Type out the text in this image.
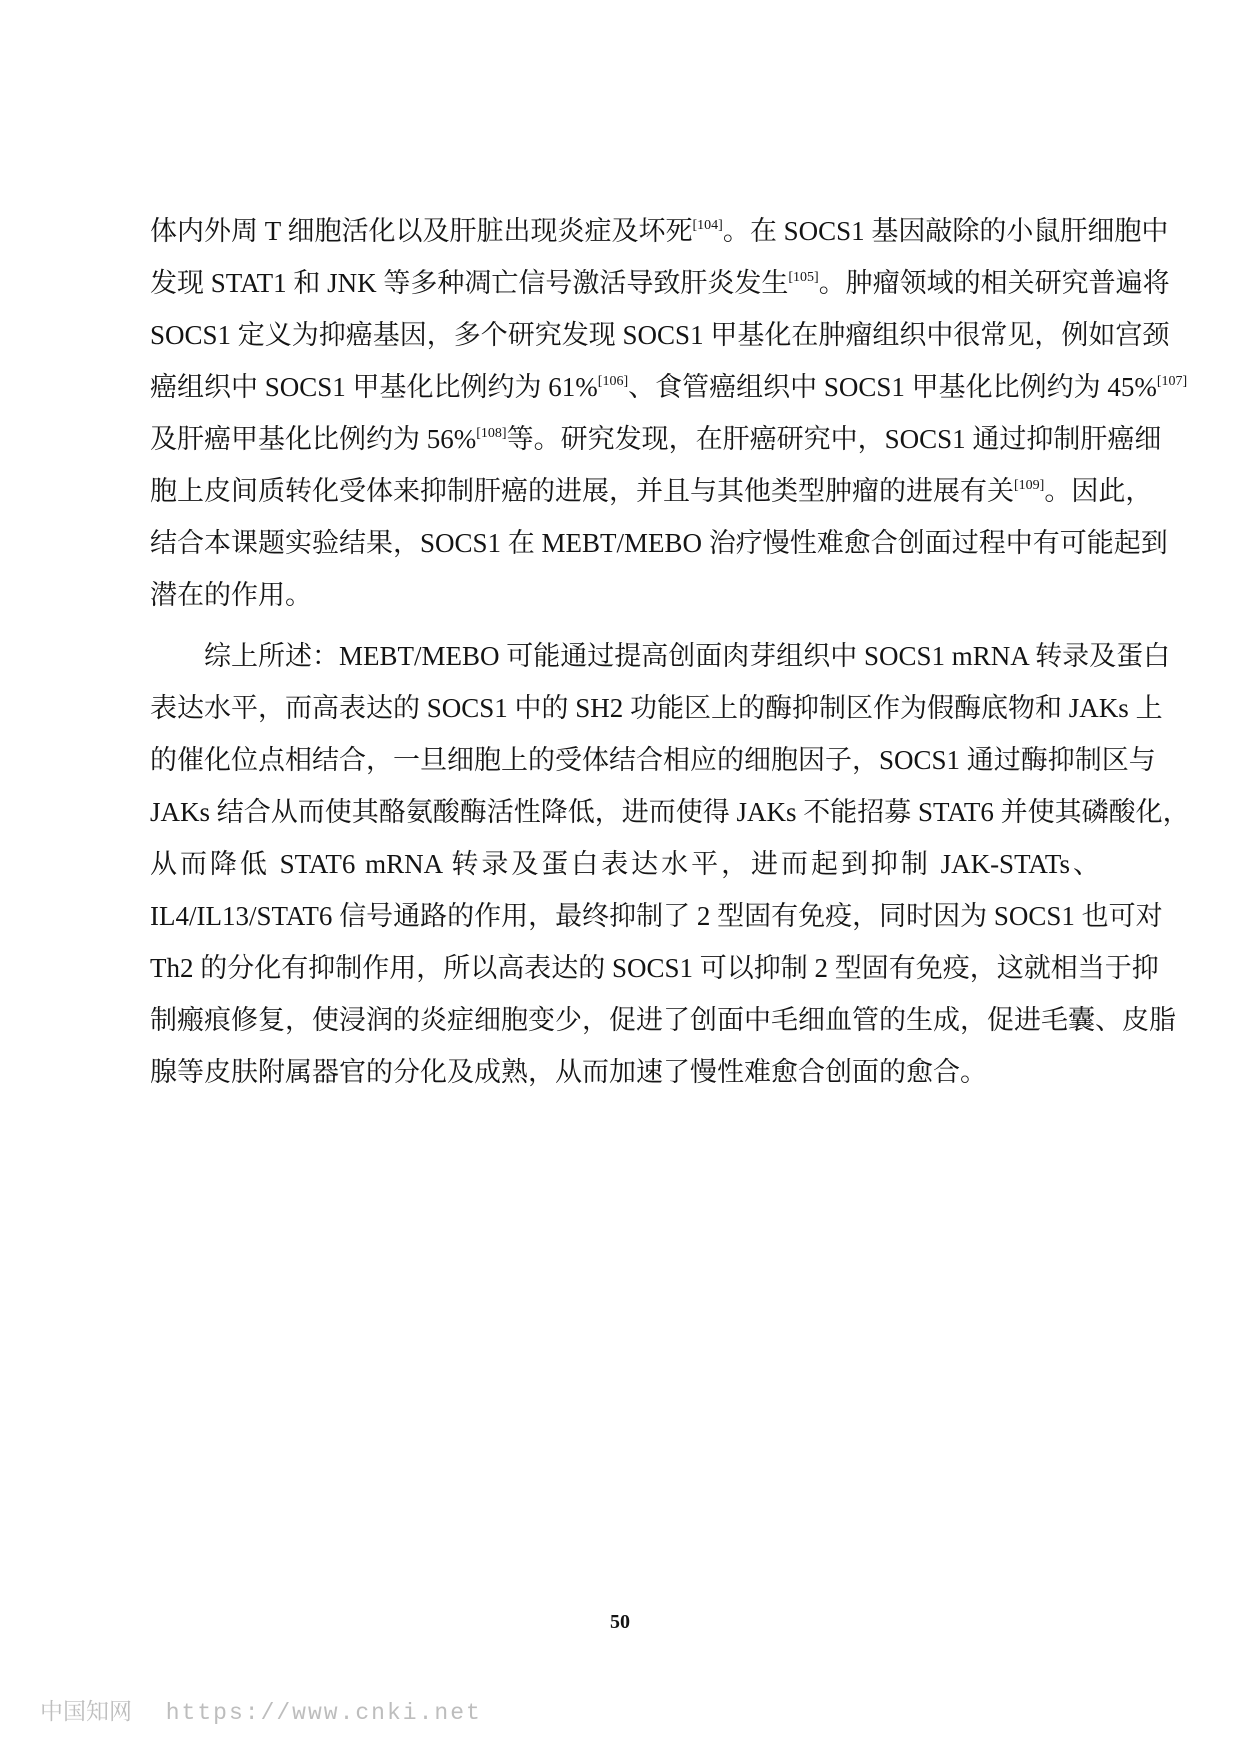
体内外周 T 细胞活化以及肝脏出现炎症及坏死[104]。在 SOCS1 基因敲除的小鼠肝细胞中
发现 STAT1 和 JNK 等多种凋亡信号激活导致肝炎发生[105]。肿瘤领域的相关研究普遍将
SOCS1 定义为抑癌基因，多个研究发现 SOCS1 甲基化在肿瘤组织中很常见，例如宫颈
癌组织中 SOCS1 甲基化比例约为 61%[106]、食管癌组织中 SOCS1 甲基化比例约为 45%[107]
及肝癌甲基化比例约为 56%[108]等。研究发现，在肝癌研究中，SOCS1 通过抑制肝癌细
胞上皮间质转化受体来抑制肝癌的进展，并且与其他类型肿瘤的进展有关[109]。因此，
结合本课题实验结果，SOCS1 在 MEBT/MEBO 治疗慢性难愈合创面过程中有可能起到
潜在的作用。
综上所述：MEBT/MEBO 可能通过提高创面肉芽组织中 SOCS1 mRNA 转录及蛋白
表达水平，而高表达的 SOCS1 中的 SH2 功能区上的酶抑制区作为假酶底物和 JAKs 上
的催化位点相结合，一旦细胞上的受体结合相应的细胞因子，SOCS1 通过酶抑制区与
JAKs 结合从而使其酪氨酸酶活性降低，进而使得 JAKs 不能招募 STAT6 并使其磷酸化，
从而降低 STAT6 mRNA 转录及蛋白表达水平，进而起到抑制 JAK-STATs、
IL4/IL13/STAT6 信号通路的作用，最终抑制了 2 型固有免疫，同时因为 SOCS1 也可对
Th2 的分化有抑制作用，所以高表达的 SOCS1 可以抑制 2 型固有免疫，这就相当于抑
制瘢痕修复，使浸润的炎症细胞变少，促进了创面中毛细血管的生成，促进毛囊、皮脂
腺等皮肤附属器官的分化及成熟，从而加速了慢性难愈合创面的愈合。
50
中国知网 https://www.cnki.net
